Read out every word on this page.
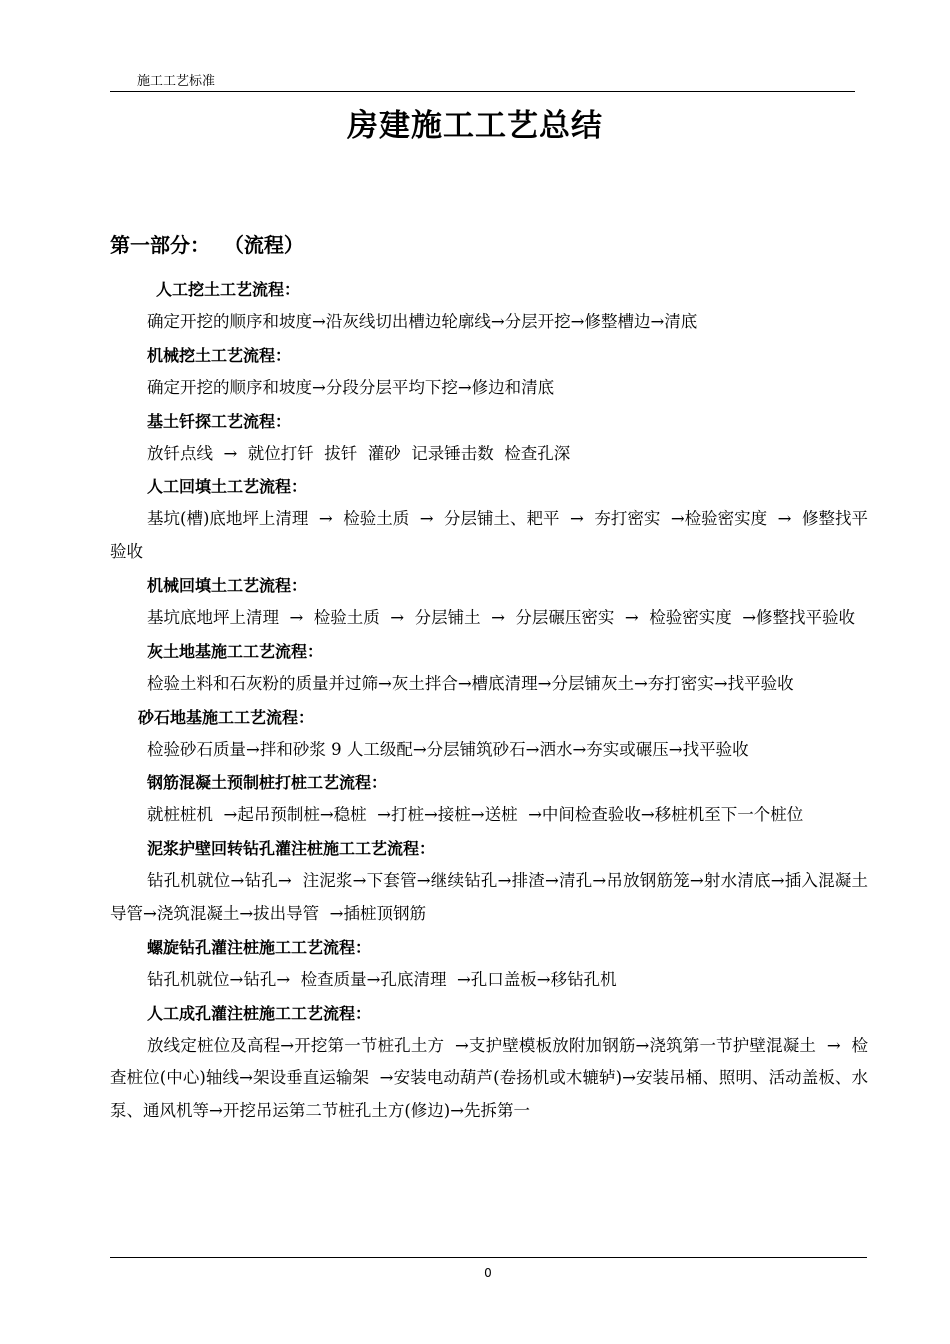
施工工艺标准
房建施工工艺总结
第一部分：  （流程）
人工挖土工艺流程：

确定开挖的顺序和坡度→沿灰线切出槽边轮廓线→分层开挖→修整槽边→清底

机械挖土工艺流程：

确定开挖的顺序和坡度→分段分层平均下挖→修边和清底

基土钎探工艺流程：

放钎点线  →  就位打钎  拔钎  灌砂  记录锤击数  检查孔深

人工回填土工艺流程：

基坑(槽)底地坪上清理  →  检验土质  →  分层铺土、耙平  →  夯打密实  →检验密实度  →  修整找平验收

机械回填土工艺流程：

基坑底地坪上清理  →  检验土质  →  分层铺土  →  分层碾压密实  →  检验密实度  →修整找平验收

灰土地基施工工艺流程：

检验土料和石灰粉的质量并过筛→灰土拌合→槽底清理→分层铺灰土→夯打密实→找平验收

砂石地基施工工艺流程：

检验砂石质量→拌和砂浆 9 人工级配→分层铺筑砂石→洒水→夯实或碾压→找平验收

钢筋混凝土预制桩打桩工艺流程：

就桩桩机  →起吊预制桩→稳桩  →打桩→接桩→送桩  →中间检查验收→移桩机至下一个桩位

泥浆护壁回转钻孔灌注桩施工工艺流程：

钻孔机就位→钻孔→  注泥浆→下套管→继续钻孔→排渣→清孔→吊放钢筋笼→射水清底→插入混凝土导管→浇筑混凝土→拔出导管  →插桩顶钢筋

螺旋钻孔灌注桩施工工艺流程：

钻孔机就位→钻孔→  检查质量→孔底清理  →孔口盖板→移钻孔机

人工成孔灌注桩施工工艺流程：

放线定桩位及高程→开挖第一节桩孔土方  →支护壁模板放附加钢筋→浇筑第一节护壁混凝土  →  检查桩位(中心)轴线→架设垂直运输架  →安装电动葫芦(卷扬机或木辘轳)→安装吊桶、照明、活动盖板、水泵、通风机等→开挖吊运第二节桩孔土方(修边)→先拆第一

0
